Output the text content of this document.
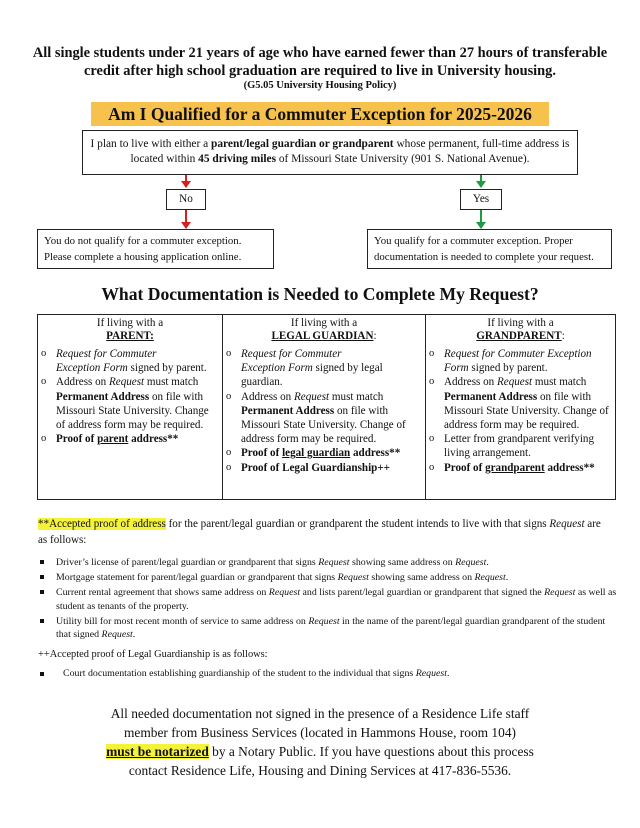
All single students under 21 years of age who have earned fewer than 27 hours of transferable
credit after high school graduation are required to live in University housing.
(G5.05 University Housing Policy)
Am I Qualified for a Commuter Exception for 2025-2026
I plan to live with either a parent/legal guardian or grandparent whose permanent, full-time address is located within 45 driving miles of Missouri State University (901 S. National Avenue).
No
You do not qualify for a commuter exception.
Please complete a housing application online.
Yes
You qualify for a commuter exception. Proper
documentation is needed to complete your request.
What Documentation is Needed to Complete My Request?
If living with a
PARENT:
o Request for Commuter
Exception Form signed by parent.
o Address on Request must match Permanent Address on file with Missouri State University. Change of address form may be required.
o Proof of parent address**
If living with a
LEGAL GUARDIAN:
o Request for Commuter
Exception Form signed by legal guardian.
o Address on Request must match Permanent Address on file with Missouri State University. Change of address form may be required.
o Proof of legal guardian address**
o Proof of Legal Guardianship++
If living with a
GRANDPARENT:
o Request for Commuter Exception Form signed by parent.
o Address on Request must match Permanent Address on file with Missouri State University. Change of address form may be required.
o Letter from grandparent verifying living arrangement.
o Proof of grandparent address**
**Accepted proof of address for the parent/legal guardian or grandparent the student intends to live with that signs Request are as follows:
Driver’s license of parent/legal guardian or grandparent that signs Request showing same address on Request.
Mortgage statement for parent/legal guardian or grandparent that signs Request showing same address on Request.
Current rental agreement that shows same address on Request and lists parent/legal guardian or grandparent that signed the Request as well as student as tenants of the property.
Utility bill for most recent month of service to same address on Request in the name of the parent/legal guardian grandparent of the student that signed Request.
++Accepted proof of Legal Guardianship is as follows:
Court documentation establishing guardianship of the student to the individual that signs Request.
All needed documentation not signed in the presence of a Residence Life staff
member from Business Services (located in Hammons House, room 104)
must be notarized by a Notary Public. If you have questions about this process
contact Residence Life, Housing and Dining Services at 417-836-5536.
